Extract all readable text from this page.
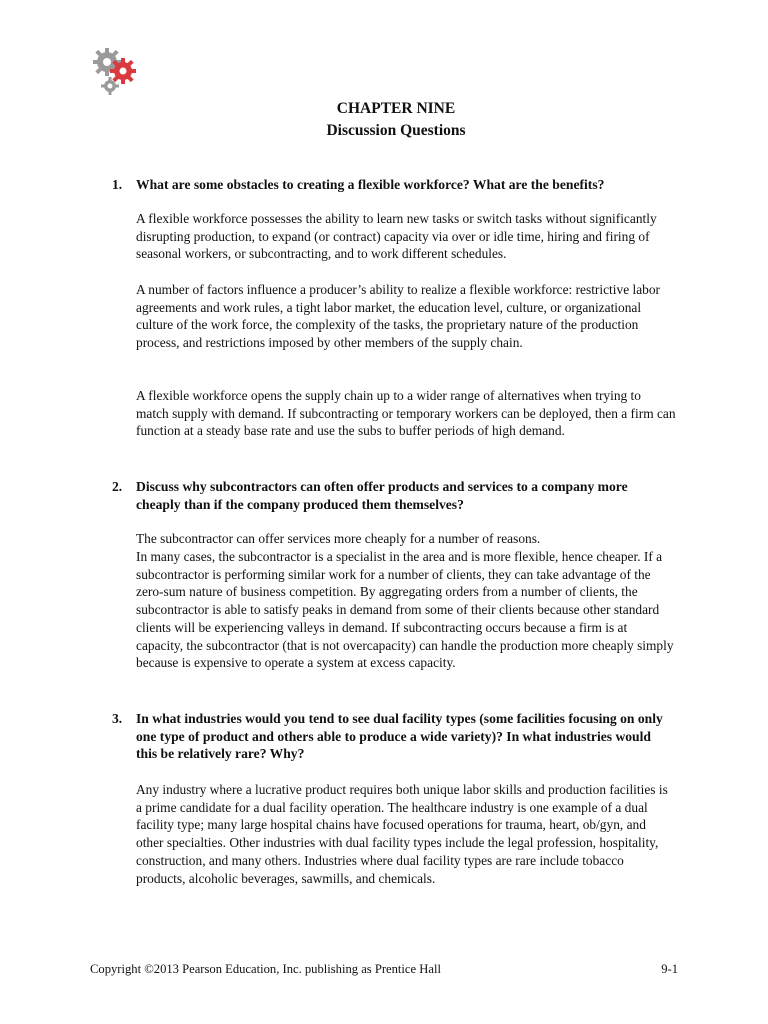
CHAPTER NINE
Discussion Questions
1. What are some obstacles to creating a flexible workforce? What are the benefits?
A flexible workforce possesses the ability to learn new tasks or switch tasks without significantly disrupting production, to expand (or contract) capacity via over or idle time, hiring and firing of seasonal workers, or subcontracting, and to work different schedules.
A number of factors influence a producer’s ability to realize a flexible workforce: restrictive labor agreements and work rules, a tight labor market, the education level, culture, or organizational culture of the work force, the complexity of the tasks, the proprietary nature of the production process, and restrictions imposed by other members of the supply chain.
A flexible workforce opens the supply chain up to a wider range of alternatives when trying to match supply with demand. If subcontracting or temporary workers can be deployed, then a firm can function at a steady base rate and use the subs to buffer periods of high demand.
2. Discuss why subcontractors can often offer products and services to a company more cheaply than if the company produced them themselves?
The subcontractor can offer services more cheaply for a number of reasons.
In many cases, the subcontractor is a specialist in the area and is more flexible, hence cheaper. If a subcontractor is performing similar work for a number of clients, they can take advantage of the zero-sum nature of business competition. By aggregating orders from a number of clients, the subcontractor is able to satisfy peaks in demand from some of their clients because other standard clients will be experiencing valleys in demand. If subcontracting occurs because a firm is at capacity, the subcontractor (that is not overcapacity) can handle the production more cheaply simply because is expensive to operate a system at excess capacity.
3. In what industries would you tend to see dual facility types (some facilities focusing on only one type of product and others able to produce a wide variety)? In what industries would this be relatively rare? Why?
Any industry where a lucrative product requires both unique labor skills and production facilities is a prime candidate for a dual facility operation. The healthcare industry is one example of a dual facility type; many large hospital chains have focused operations for trauma, heart, ob/gyn, and other specialties. Other industries with dual facility types include the legal profession, hospitality, construction, and many others. Industries where dual facility types are rare include tobacco products, alcoholic beverages, sawmills, and chemicals.
Copyright ©2013 Pearson Education, Inc. publishing as Prentice Hall	9-1
